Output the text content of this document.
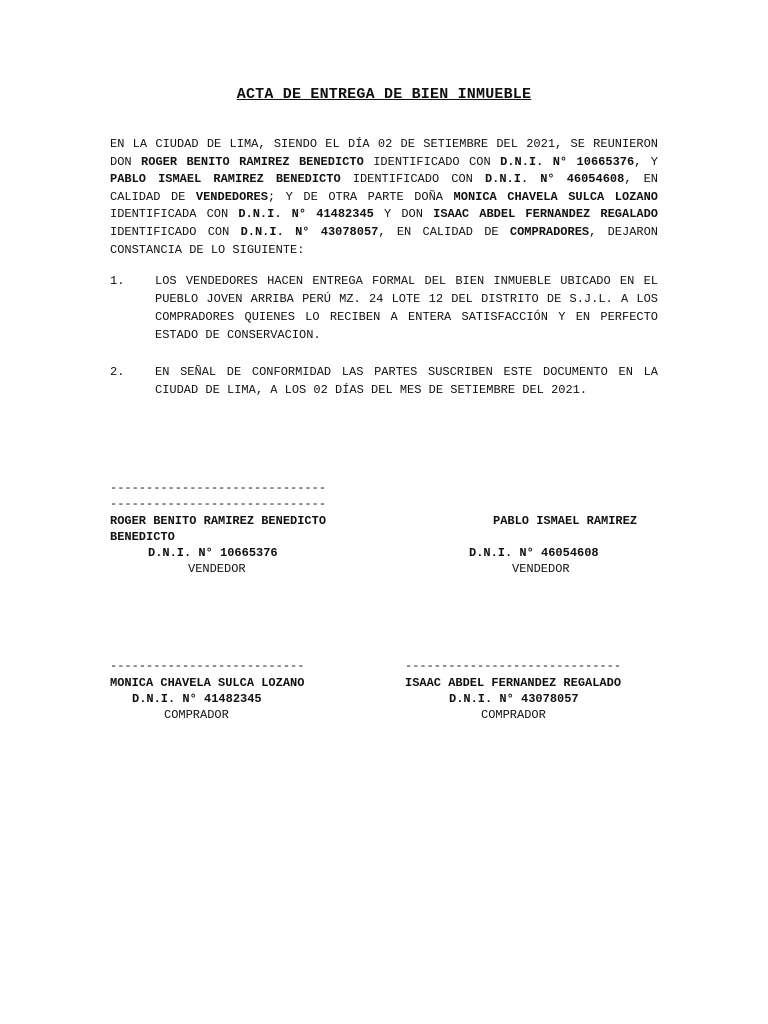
ACTA DE ENTREGA DE BIEN INMUEBLE
EN LA CIUDAD DE LIMA, SIENDO EL DÍA 02 DE SETIEMBRE DEL 2021, SE REUNIERON DON ROGER BENITO RAMIREZ BENEDICTO IDENTIFICADO CON D.N.I. N° 10665376, Y PABLO ISMAEL RAMIREZ BENEDICTO IDENTIFICADO CON D.N.I. N° 46054608, EN CALIDAD DE VENDEDORES; Y DE OTRA PARTE DOÑA MONICA CHAVELA SULCA LOZANO IDENTIFICADA CON D.N.I. N° 41482345 Y DON ISAAC ABDEL FERNANDEZ REGALADO IDENTIFICADO CON D.N.I. N° 43078057, EN CALIDAD DE COMPRADORES, DEJARON CONSTANCIA DE LO SIGUIENTE:
1.	LOS VENDEDORES HACEN ENTREGA FORMAL DEL BIEN INMUEBLE UBICADO EN EL PUEBLO JOVEN ARRIBA PERÚ MZ. 24 LOTE 12 DEL DISTRITO DE S.J.L. A LOS COMPRADORES QUIENES LO RECIBEN A ENTERA SATISFACCIÓN Y EN PERFECTO ESTADO DE CONSERVACION.
2.	EN SEÑAL DE CONFORMIDAD LAS PARTES SUSCRIBEN ESTE DOCUMENTO EN LA CIUDAD DE LIMA, A LOS 02 DÍAS DEL MES DE SETIEMBRE DEL 2021.
------------------------------
------------------------------
ROGER BENITO RAMIREZ BENEDICTO
BENEDICTO
D.N.I. N° 10665376
VENDEDOR
PABLO ISMAEL RAMIREZ
D.N.I. N° 46054608
VENDEDOR
---------------------------
MONICA CHAVELA SULCA LOZANO
D.N.I. N° 41482345
COMPRADOR
------------------------------
ISAAC ABDEL FERNANDEZ REGALADO
D.N.I. N° 43078057
COMPRADOR
